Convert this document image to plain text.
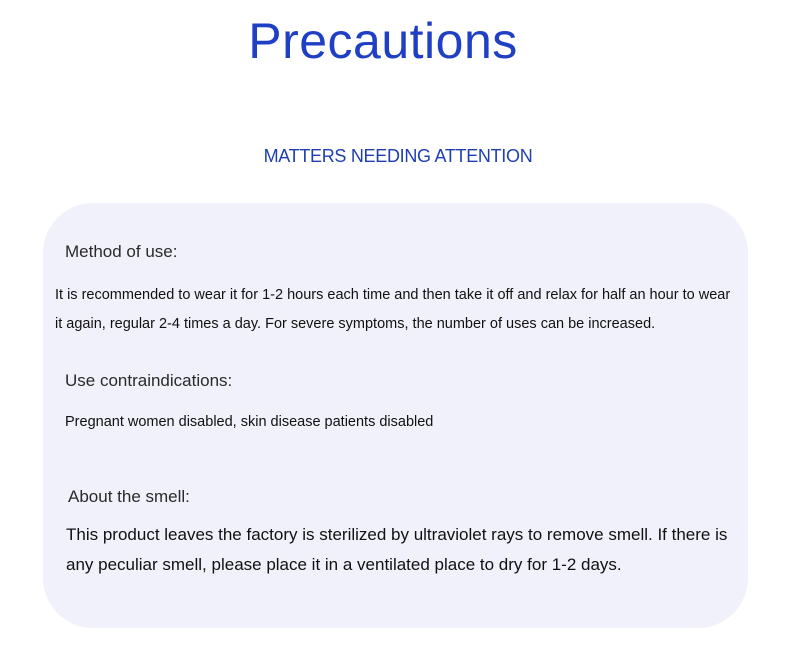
Precautions
MATTERS NEEDING ATTENTION
Method of use:
It is recommended to wear it for 1-2 hours each time and then take it off and relax for half an hour to wear it again, regular 2-4 times a day. For severe symptoms, the number of uses can be increased.
Use contraindications:
Pregnant women disabled, skin disease patients disabled
About the smell:
This product leaves the factory is sterilized by ultraviolet rays to remove smell. If there is any peculiar smell, please place it in a ventilated place to dry for 1-2 days.
